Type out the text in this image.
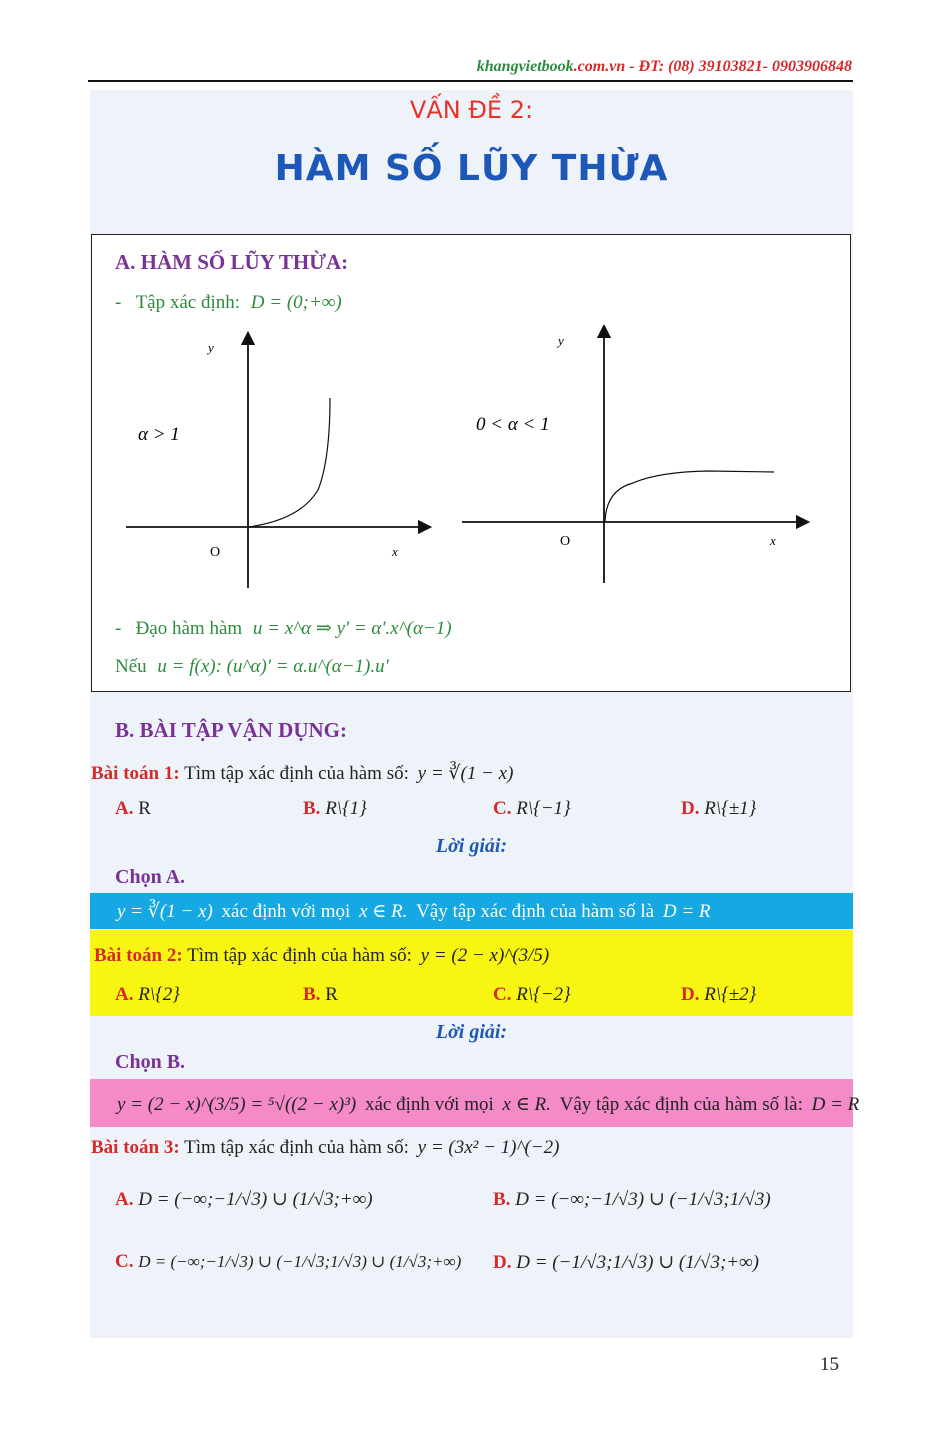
khangvietbook.com.vn - ĐT: (08) 39103821- 0903906848
VẤN ĐỀ 2:
HÀM SỐ LŨY THỪA
A. HÀM SỐ LŨY THỪA:
-   Tập xác định: D = (0;+∞)
y
x
O
α > 1
y
x
O
0 < α < 1
-   Đạo hàm hàm u = x^α ⇒ y' = α'.x^(α−1)
Nếu u = f(x): (u^α)' = α.u^(α−1).u'
B. BÀI TẬP VẬN DỤNG:
Bài toán 1: Tìm tập xác định của hàm số: y = ∛(1 − x)
A. R	B. R\{1}	C. R\{−1}	D. R\{±1}
Lời giải:
Chọn A.
y = ∛(1 − x) xác định với mọi x ∈ R. Vậy tập xác định của hàm số là D = R
Bài toán 2: Tìm tập xác định của hàm số: y = (2 − x)^(3/5)
A. R\{2}	B. R	C. R\{−2}	D. R\{±2}
Lời giải:
Chọn B.
y = (2 − x)^(3/5) = ⁵√((2 − x)³) xác định với mọi x ∈ R. Vậy tập xác định của hàm số là: D = R
Bài toán 3: Tìm tập xác định của hàm số: y = (3x² − 1)^(−2)
A. D = (−∞;−1/√3) ∪ (1/√3;+∞)	B. D = (−∞;−1/√3) ∪ (−1/√3;1/√3)
C. D = (−∞;−1/√3) ∪ (−1/√3;1/√3) ∪ (1/√3;+∞)	D. D = (−1/√3;1/√3) ∪ (1/√3;+∞)
15
